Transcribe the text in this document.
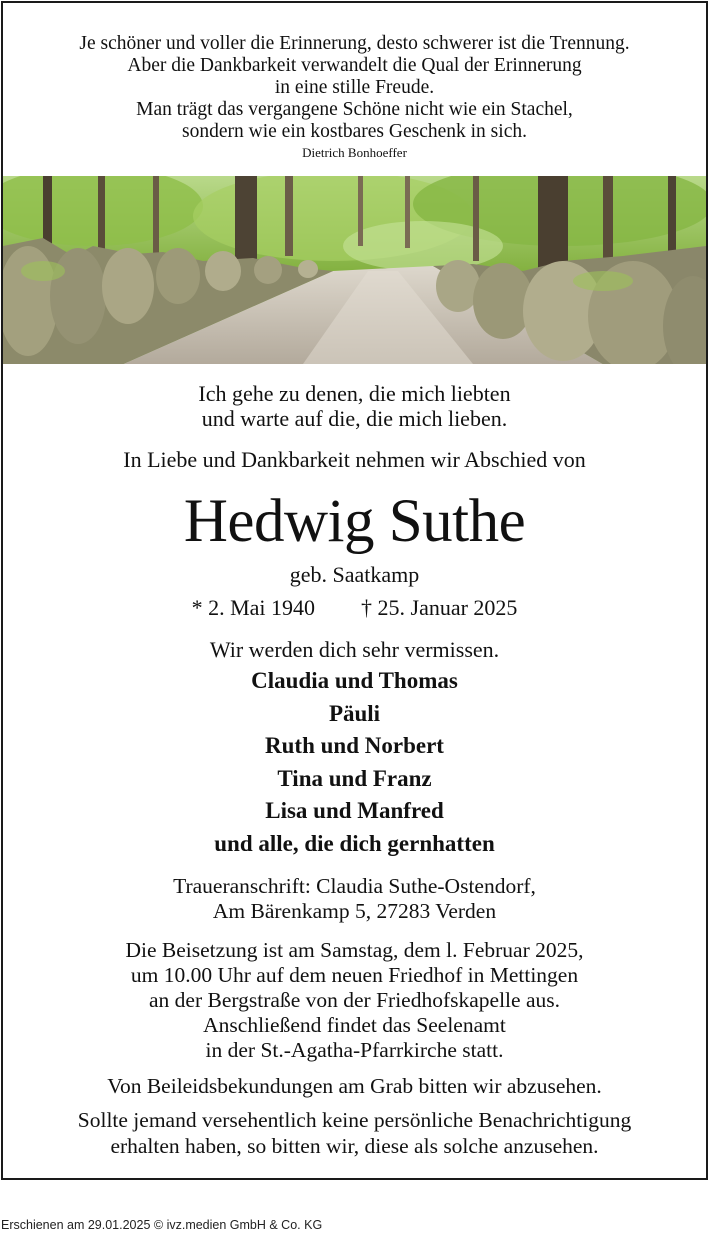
Je schöner und voller die Erinnerung, desto schwerer ist die Trennung.
Aber die Dankbarkeit verwandelt die Qual der Erinnerung
in eine stille Freude.
Man trägt das vergangene Schöne nicht wie ein Stachel,
sondern wie ein kostbares Geschenk in sich.
Dietrich Bonhoeffer
Ich gehe zu denen, die mich liebten
und warte auf die, die mich lieben.
In Liebe und Dankbarkeit nehmen wir Abschied von
Hedwig Suthe
geb. Saatkamp
* 2. Mai 1940 † 25. Januar 2025
Wir werden dich sehr vermissen.
Claudia und Thomas
Päuli
Ruth und Norbert
Tina und Franz
Lisa und Manfred
und alle, die dich gernhatten
Traueranschrift: Claudia Suthe-Ostendorf,
Am Bärenkamp 5, 27283 Verden
Die Beisetzung ist am Samstag, dem l. Februar 2025,
um 10.00 Uhr auf dem neuen Friedhof in Mettingen
an der Bergstraße von der Friedhofskapelle aus.
Anschließend findet das Seelenamt
in der St.-Agatha-Pfarrkirche statt.
Von Beileidsbekundungen am Grab bitten wir abzusehen.
Sollte jemand versehentlich keine persönliche Benachrichtigung
erhalten haben, so bitten wir, diese als solche anzusehen.
Erschienen am 29.01.2025 © ivz.medien GmbH & Co. KG
